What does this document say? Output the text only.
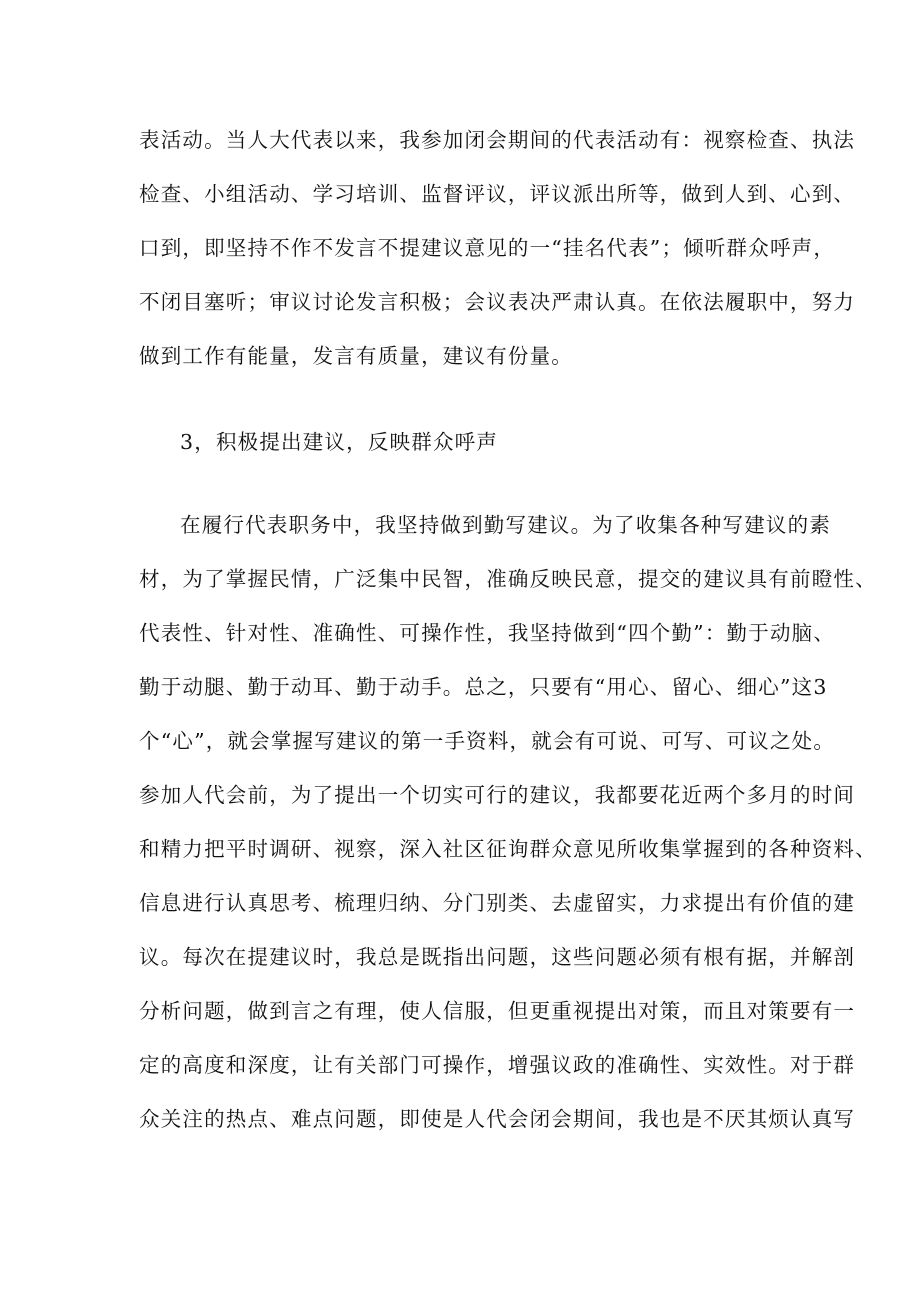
表活动。当人大代表以来，我参加闭会期间的代表活动有：视察检查、执法
检查、小组活动、学习培训、监督评议，评议派出所等，做到人到、心到、
口到，即坚持不作不发言不提建议意见的一“挂名代表”；倾听群众呼声，
不闭目塞听；审议讨论发言积极；会议表决严肃认真。在依法履职中，努力
做到工作有能量，发言有质量，建议有份量。
3，积极提出建议，反映群众呼声
在履行代表职务中，我坚持做到勤写建议。为了收集各种写建议的素
材，为了掌握民情，广泛集中民智，准确反映民意，提交的建议具有前瞪性、
代表性、针对性、准确性、可操作性，我坚持做到“四个勤”：勤于动脑、
勤于动腿、勤于动耳、勤于动手。总之，只要有“用心、留心、细心”这3
个“心”，就会掌握写建议的第一手资料，就会有可说、可写、可议之处。
参加人代会前，为了提出一个切实可行的建议，我都要花近两个多月的时间
和精力把平时调研、视察，深入社区征询群众意见所收集掌握到的各种资料、
信息进行认真思考、梳理归纳、分门别类、去虚留实，力求提出有价值的建
议。每次在提建议时，我总是既指出问题，这些问题必须有根有据，并解剖
分析问题，做到言之有理，使人信服，但更重视提出对策，而且对策要有一
定的高度和深度，让有关部门可操作，增强议政的准确性、实效性。对于群
众关注的热点、难点问题，即使是人代会闭会期间，我也是不厌其烦认真写
